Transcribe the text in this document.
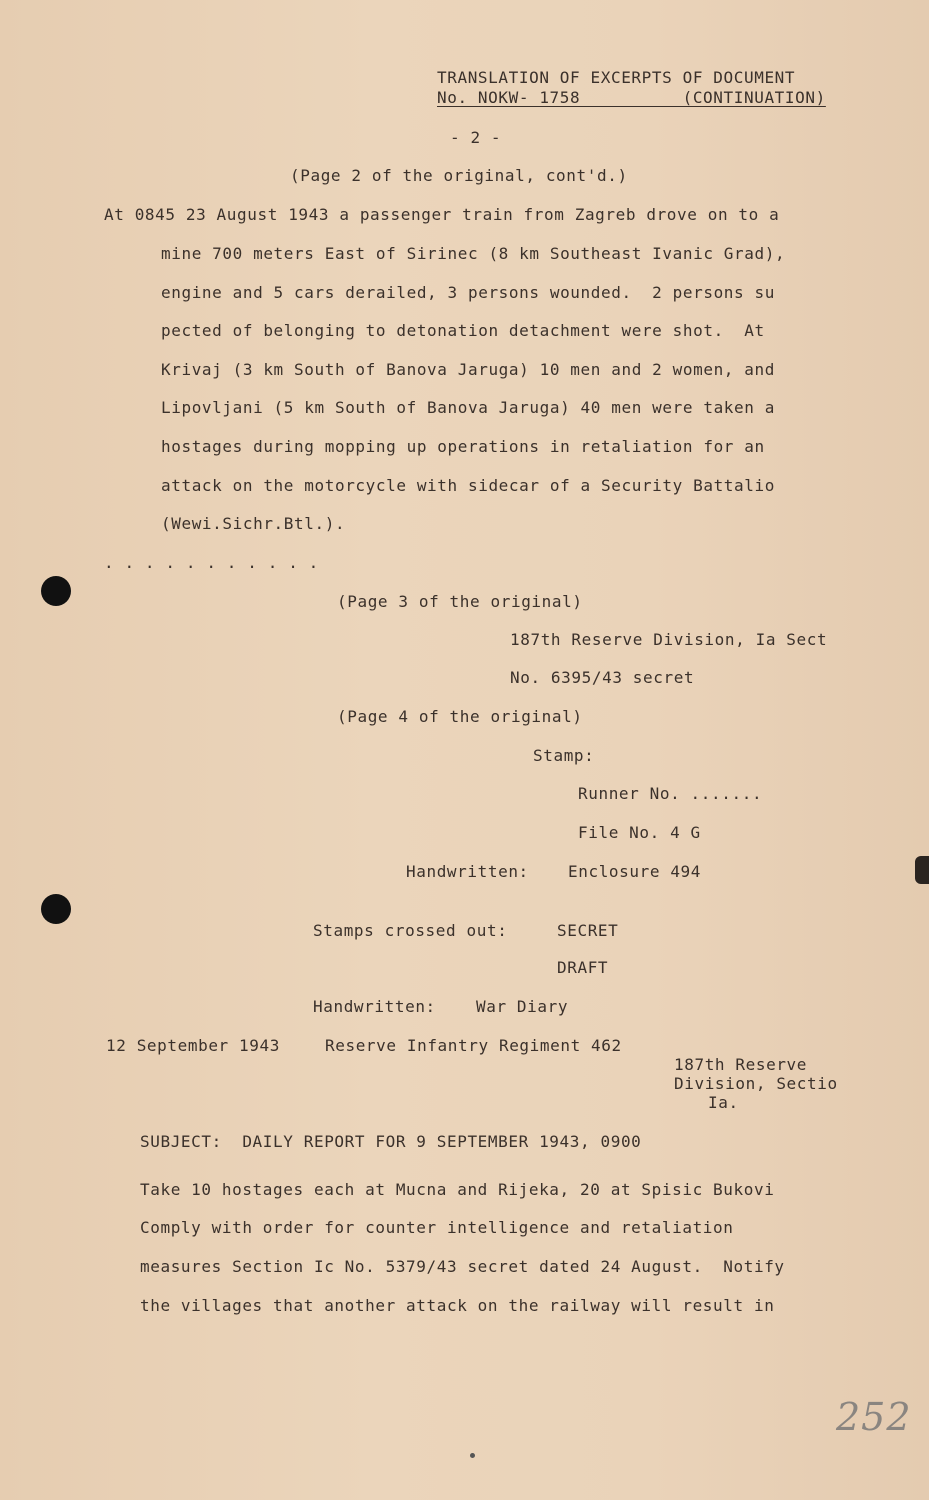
TRANSLATION OF EXCERPTS OF DOCUMENT
No. NOKW- 1758          (CONTINUATION)
- 2 -
(Page 2 of the original, cont'd.)
At 0845 23 August 1943 a passenger train from Zagreb drove on to a
mine 700 meters East of Sirinec (8 km Southeast Ivanic Grad),
engine and 5 cars derailed, 3 persons wounded.  2 persons su
pected of belonging to detonation detachment were shot.  At
Krivaj (3 km South of Banova Jaruga) 10 men and 2 women, and
Lipovljani (5 km South of Banova Jaruga) 40 men were taken a
hostages during mopping up operations in retaliation for an
attack on the motorcycle with sidecar of a Security Battalio
(Wewi.Sichr.Btl.).
. . . . . . . . . . .
(Page 3 of the original)
187th Reserve Division, Ia Sect
No. 6395/43 secret
(Page 4 of the original)
Stamp:
Runner No. .......
File No. 4 G
Handwritten: Enclosure 494
Stamps crossed out:	SECRET
DRAFT
Handwritten:	War Diary
12 September 1943	Reserve Infantry Regiment 462
187th Reserve
Division, Sectio
Ia.
SUBJECT:  DAILY REPORT FOR 9 SEPTEMBER 1943, 0900
Take 10 hostages each at Mucna and Rijeka, 20 at Spisic Bukovi
Comply with order for counter intelligence and retaliation
measures Section Ic No. 5379/43 secret dated 24 August.  Notify
the villages that another attack on the railway will result in
252
